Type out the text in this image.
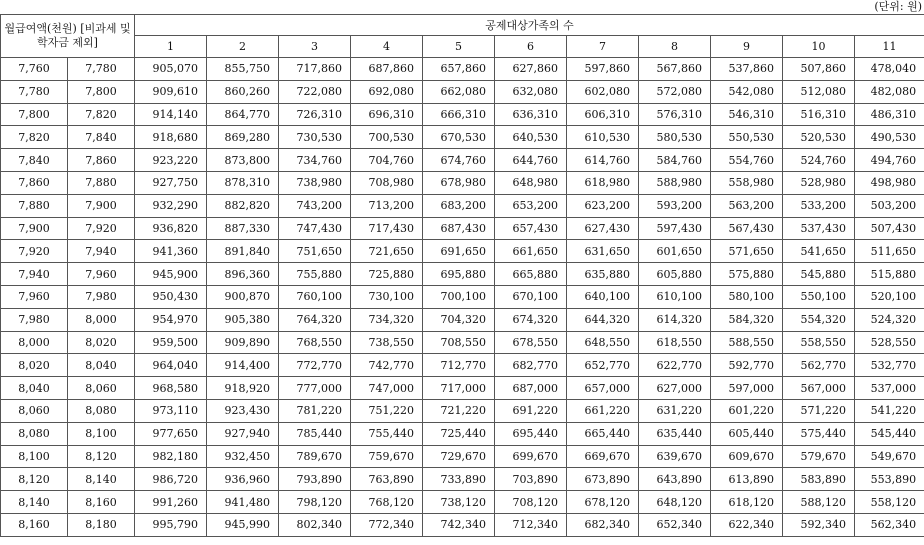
(단위: 원)
월급여액(천원) [비과세 및 학자금 제외]		공제대상가족의 수										
		1	2	3	4	5	6	7	8	9	10	11
7,760	7,780	905,070	855,750	717,860	687,860	657,860	627,860	597,860	567,860	537,860	507,860	478,040
7,780	7,800	909,610	860,260	722,080	692,080	662,080	632,080	602,080	572,080	542,080	512,080	482,080
7,800	7,820	914,140	864,770	726,310	696,310	666,310	636,310	606,310	576,310	546,310	516,310	486,310
7,820	7,840	918,680	869,280	730,530	700,530	670,530	640,530	610,530	580,530	550,530	520,530	490,530
7,840	7,860	923,220	873,800	734,760	704,760	674,760	644,760	614,760	584,760	554,760	524,760	494,760
7,860	7,880	927,750	878,310	738,980	708,980	678,980	648,980	618,980	588,980	558,980	528,980	498,980
7,880	7,900	932,290	882,820	743,200	713,200	683,200	653,200	623,200	593,200	563,200	533,200	503,200
7,900	7,920	936,820	887,330	747,430	717,430	687,430	657,430	627,430	597,430	567,430	537,430	507,430
7,920	7,940	941,360	891,840	751,650	721,650	691,650	661,650	631,650	601,650	571,650	541,650	511,650
7,940	7,960	945,900	896,360	755,880	725,880	695,880	665,880	635,880	605,880	575,880	545,880	515,880
7,960	7,980	950,430	900,870	760,100	730,100	700,100	670,100	640,100	610,100	580,100	550,100	520,100
7,980	8,000	954,970	905,380	764,320	734,320	704,320	674,320	644,320	614,320	584,320	554,320	524,320
8,000	8,020	959,500	909,890	768,550	738,550	708,550	678,550	648,550	618,550	588,550	558,550	528,550
8,020	8,040	964,040	914,400	772,770	742,770	712,770	682,770	652,770	622,770	592,770	562,770	532,770
8,040	8,060	968,580	918,920	777,000	747,000	717,000	687,000	657,000	627,000	597,000	567,000	537,000
8,060	8,080	973,110	923,430	781,220	751,220	721,220	691,220	661,220	631,220	601,220	571,220	541,220
8,080	8,100	977,650	927,940	785,440	755,440	725,440	695,440	665,440	635,440	605,440	575,440	545,440
8,100	8,120	982,180	932,450	789,670	759,670	729,670	699,670	669,670	639,670	609,670	579,670	549,670
8,120	8,140	986,720	936,960	793,890	763,890	733,890	703,890	673,890	643,890	613,890	583,890	553,890
8,140	8,160	991,260	941,480	798,120	768,120	738,120	708,120	678,120	648,120	618,120	588,120	558,120
8,160	8,180	995,790	945,990	802,340	772,340	742,340	712,340	682,340	652,340	622,340	592,340	562,340
